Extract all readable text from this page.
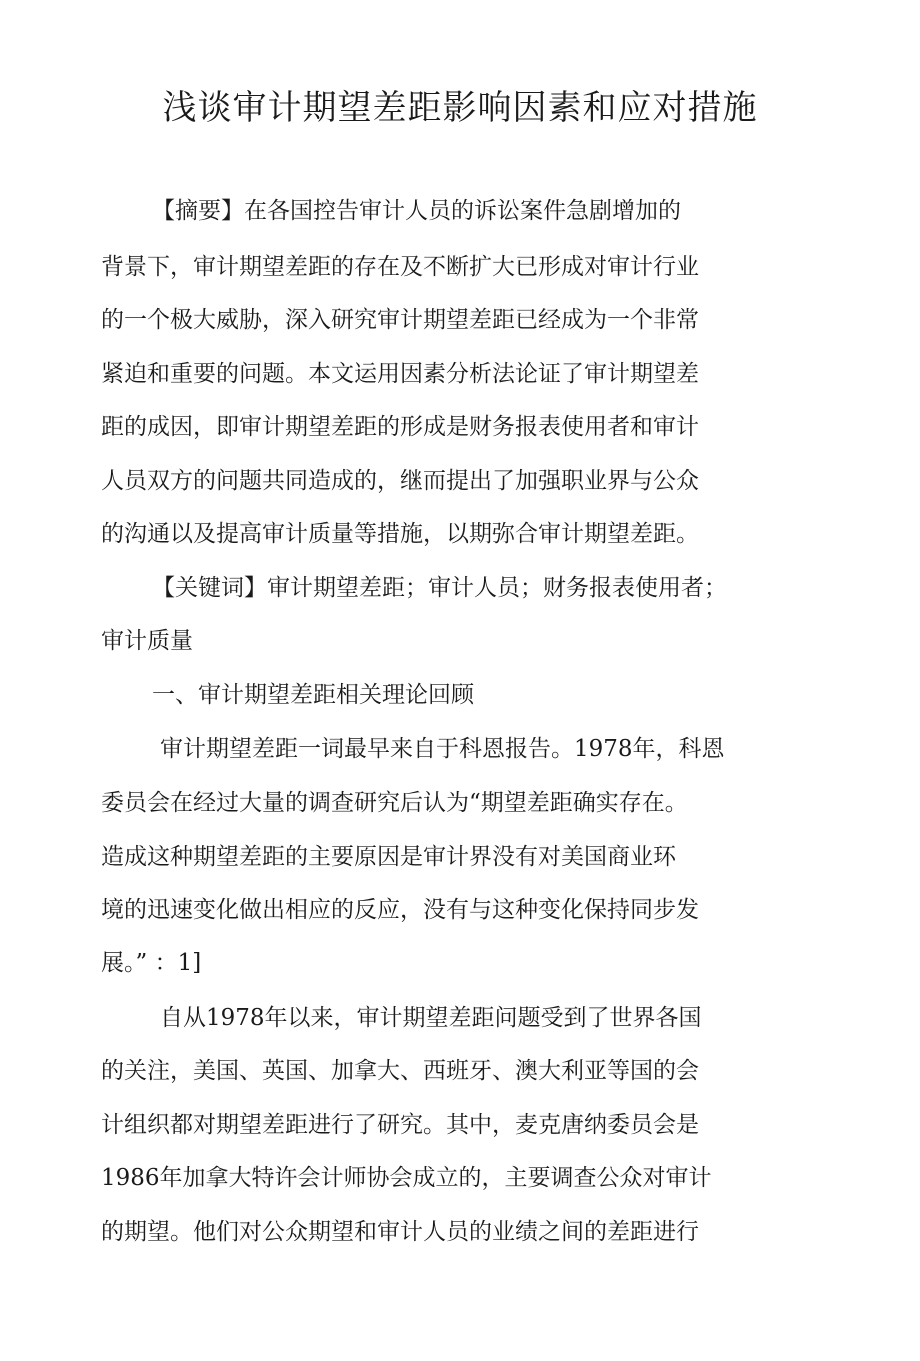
浅谈审计期望差距影响因素和应对措施
【摘要】在各国控告审计人员的诉讼案件急剧增加的
背景下，审计期望差距的存在及不断扩大已形成对审计行业
的一个极大威胁，深入研究审计期望差距已经成为一个非常
紧迫和重要的问题。本文运用因素分析法论证了审计期望差
距的成因，即审计期望差距的形成是财务报表使用者和审计
人员双方的问题共同造成的，继而提出了加强职业界与公众
的沟通以及提高审计质量等措施，以期弥合审计期望差距。
【关键词】审计期望差距；审计人员；财务报表使用者；
审计质量
一、审计期望差距相关理论回顾
审计期望差距一词最早来自于科恩报告。1978年，科恩
委员会在经过大量的调查研究后认为“期望差距确实存在。
造成这种期望差距的主要原因是审计界没有对美国商业环
境的迅速变化做出相应的反应，没有与这种变化保持同步发
展。” ：1]
自从1978年以来，审计期望差距问题受到了世界各国
的关注，美国、英国、加拿大、西班牙、澳大利亚等国的会
计组织都对期望差距进行了研究。其中，麦克唐纳委员会是
1986年加拿大特许会计师协会成立的，主要调查公众对审计
的期望。他们对公众期望和审计人员的业绩之间的差距进行
